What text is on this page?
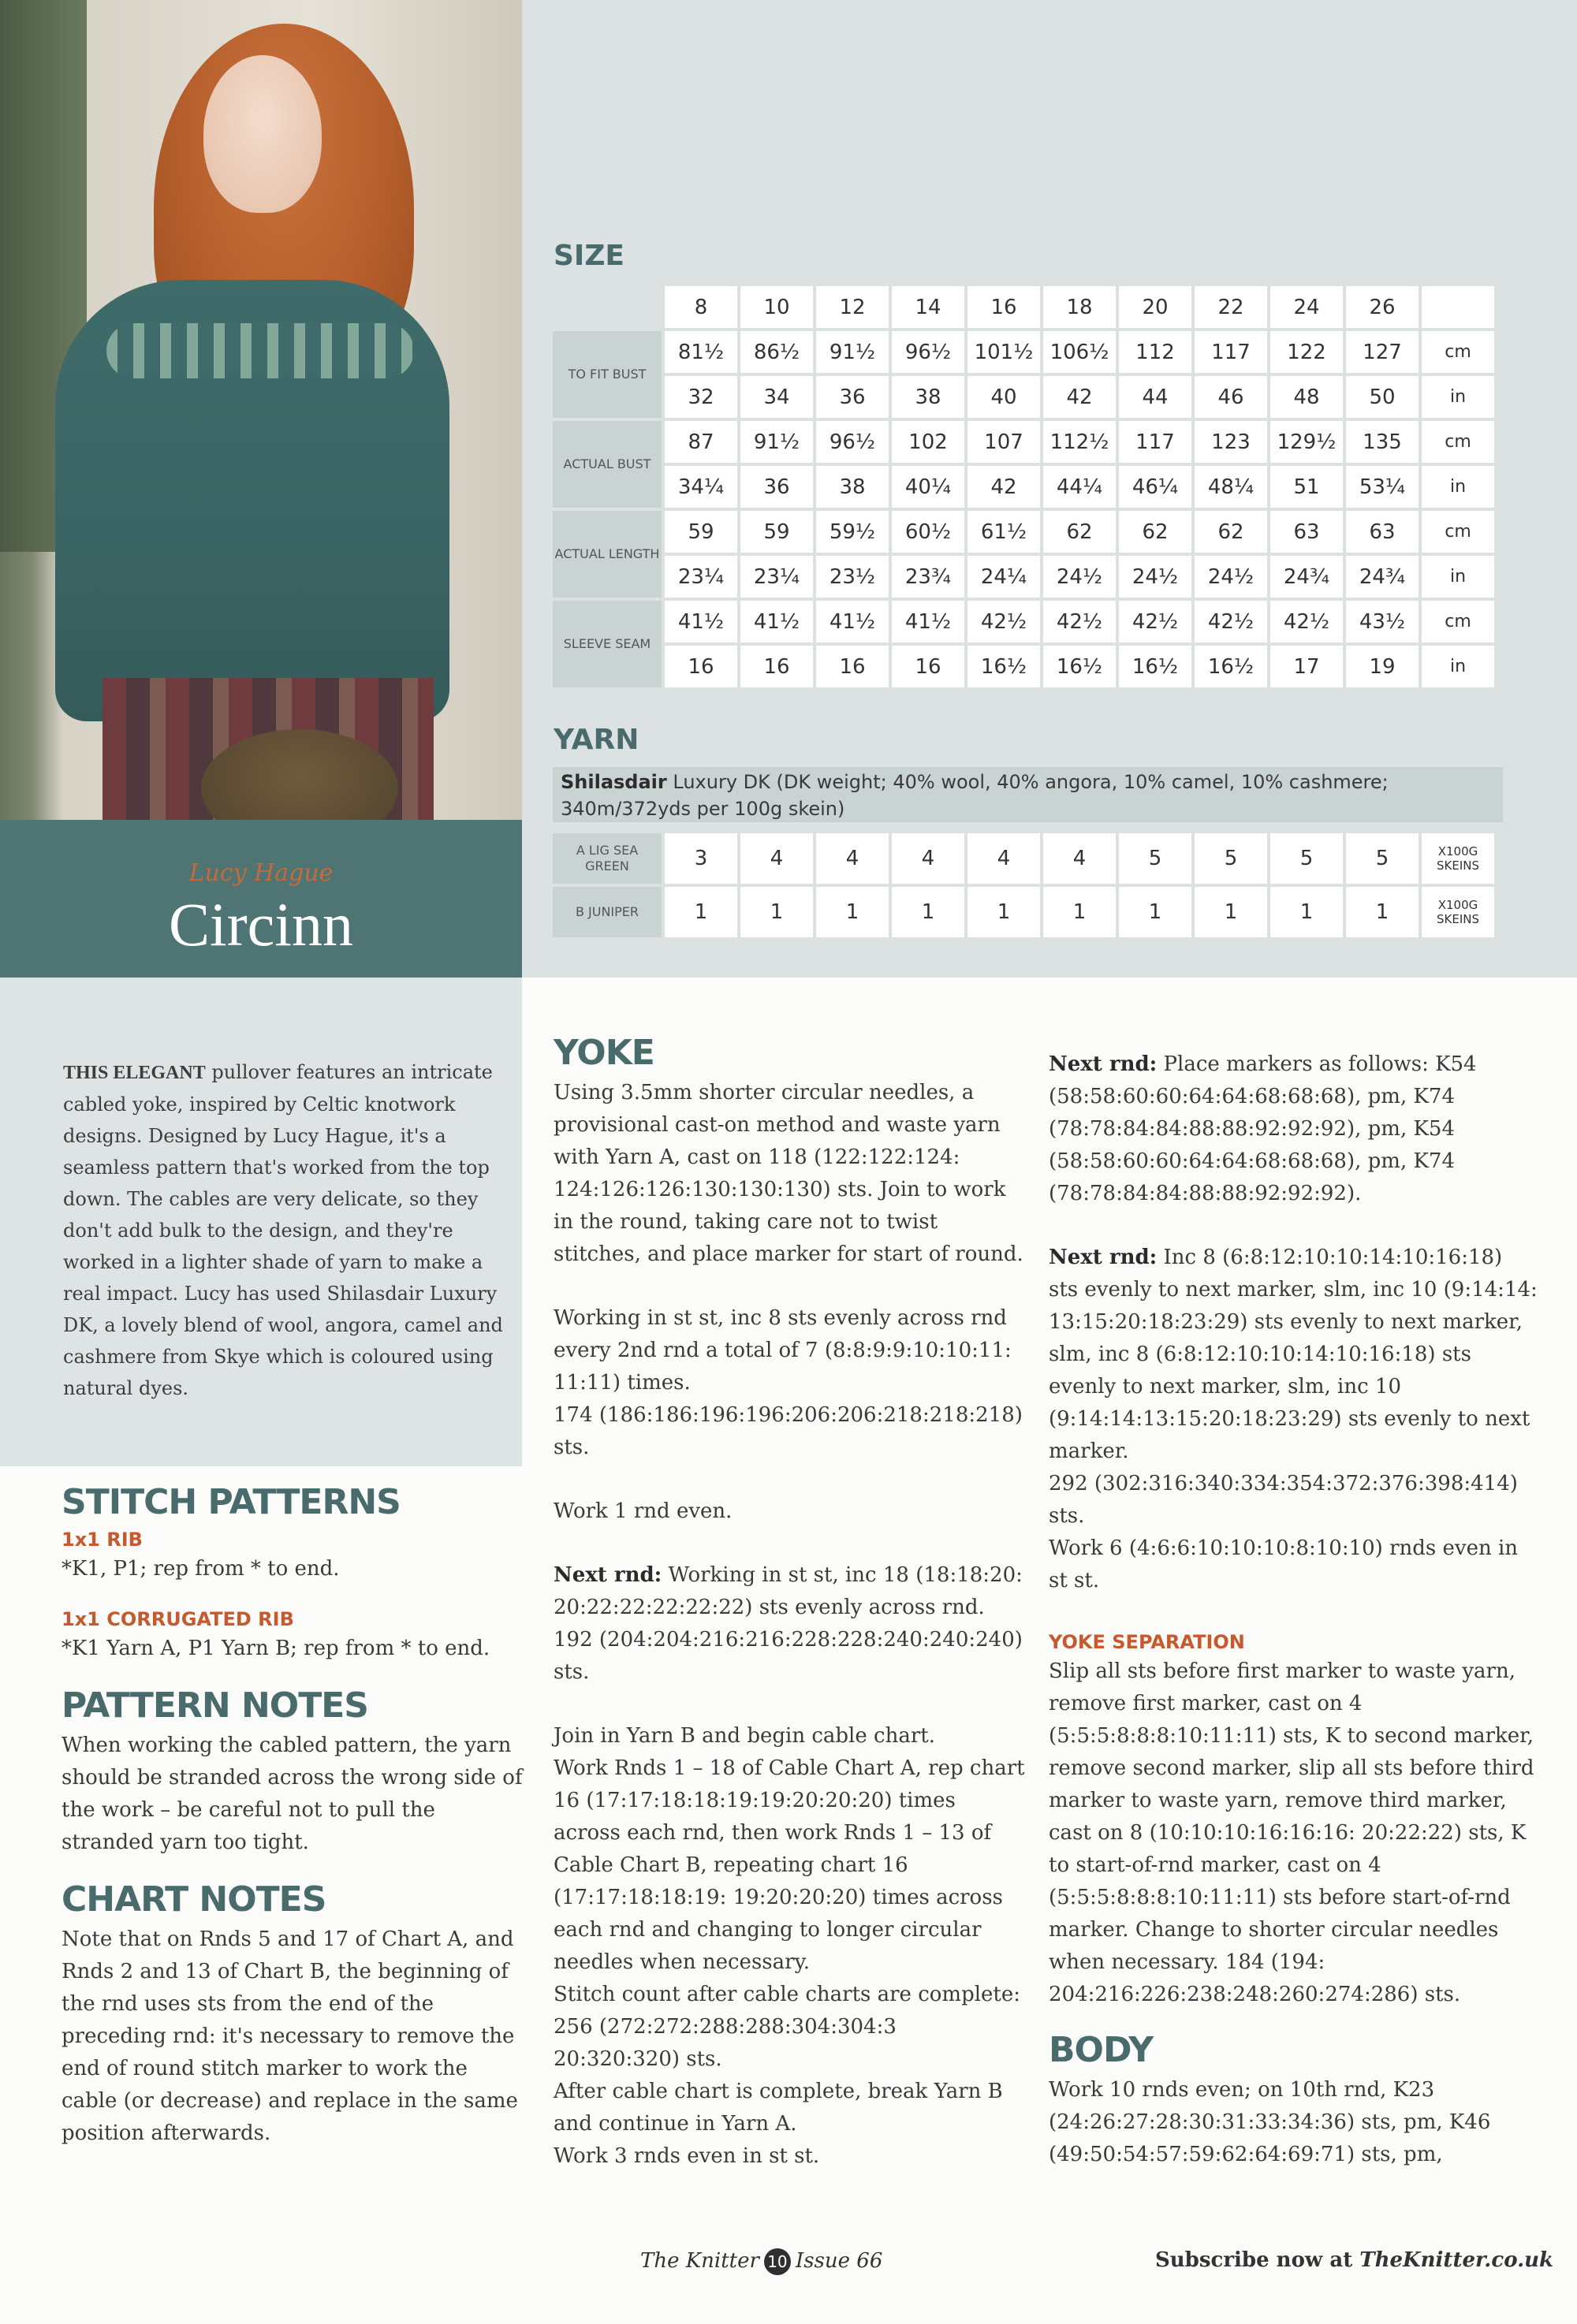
Lucy Hague
Circinn
THIS ELEGANT pullover features an intricate cabled yoke, inspired by Celtic knotwork designs. Designed by Lucy Hague, it's a seamless pattern that's worked from the top down. The cables are very delicate, so they don't add bulk to the design, and they're worked in a lighter shade of yarn to make a real impact. Lucy has used Shilasdair Luxury DK, a lovely blend of wool, angora, camel and cashmere from Skye which is coloured using natural dyes.
SIZE
	8	10	12	14	16	18	20	22	24	26	
TO FIT BUST	81½	86½	91½	96½	101½	106½	112	117	122	127	cm
	32	34	36	38	40	42	44	46	48	50	in
ACTUAL BUST	87	91½	96½	102	107	112½	117	123	129½	135	cm
	34¼	36	38	40¼	42	44¼	46¼	48¼	51	53¼	in
ACTUAL LENGTH	59	59	59½	60½	61½	62	62	62	63	63	cm
	23¼	23¼	23½	23¾	24¼	24½	24½	24½	24¾	24¾	in
SLEEVE SEAM	41½	41½	41½	41½	42½	42½	42½	42½	42½	43½	cm
	16	16	16	16	16½	16½	16½	16½	17	19	in
YARN
Shilasdair Luxury DK (DK weight; 40% wool, 40% angora, 10% camel, 10% cashmere; 340m/372yds per 100g skein)
A LIG SEA GREEN	3	4	4	4	4	4	5	5	5	5	X100G SKEINS
B JUNIPER	1	1	1	1	1	1	1	1	1	1	X100G SKEINS
STITCH PATTERNS
1x1 RIB
*K1, P1; rep from * to end.
1x1 CORRUGATED RIB
*K1 Yarn A, P1 Yarn B; rep from * to end.
PATTERN NOTES
When working the cabled pattern, the yarn should be stranded across the wrong side of the work – be careful not to pull the stranded yarn too tight.
CHART NOTES
Note that on Rnds 5 and 17 of Chart A, and Rnds 2 and 13 of Chart B, the beginning of the rnd uses sts from the end of the preceding rnd: it's necessary to remove the end of round stitch marker to work the cable (or decrease) and replace in the same position afterwards.
YOKE

Using 3.5mm shorter circular needles, a provisional cast-on method and waste yarn with Yarn A, cast on 118 (122:122:124: 124:126:126:130:130:130) sts. Join to work in the round, taking care not to twist stitches, and place marker for start of round.

Working in st st, inc 8 sts evenly across rnd every 2nd rnd a total of 7 (8:8:9:9:10:10:11: 11:11) times.

174 (186:186:196:196:206:206:218:218:218) sts.

Work 1 rnd even.

Next rnd: Working in st st, inc 18 (18:18:20: 20:22:22:22:22:22) sts evenly across rnd.

192 (204:204:216:216:228:228:240:240:240) sts.

Join in Yarn B and begin cable chart.
Work Rnds 1 – 18 of Cable Chart A, rep chart 16 (17:17:18:18:19:19:20:20:20) times across each rnd, then work Rnds 1 – 13 of Cable Chart B, repeating chart 16 (17:17:18:18:19: 19:20:20:20) times across each rnd and changing to longer circular needles when necessary.
Stitch count after cable charts are complete: 256 (272:272:288:288:304:304:3 20:320:320) sts.
After cable chart is complete, break Yarn B and continue in Yarn A.
Work 3 rnds even in st st.

Next rnd: Place markers as follows: K54 (58:58:60:60:64:64:68:68:68), pm, K74 (78:78:84:84:88:88:92:92:92), pm, K54 (58:58:60:60:64:64:68:68:68), pm, K74 (78:78:84:84:88:88:92:92:92).

Next rnd: Inc 8 (6:8:12:10:10:14:10:16:18) sts evenly to next marker, slm, inc 10 (9:14:14: 13:15:20:18:23:29) sts evenly to next marker, slm, inc 8 (6:8:12:10:10:14:10:16:18) sts evenly to next marker, slm, inc 10 (9:14:14:13:15:20:18:23:29) sts evenly to next marker.
292 (302:316:340:334:354:372:376:398:414) sts.

Work 6 (4:6:6:10:10:10:8:10:10) rnds even in st st.

YOKE SEPARATION

Slip all sts before first marker to waste yarn, remove first marker, cast on 4 (5:5:5:8:8:8:10:11:11) sts, K to second marker, remove second marker, slip all sts before third marker to waste yarn, remove third marker, cast on 8 (10:10:10:16:16:16: 20:22:22) sts, K to start-of-rnd marker, cast on 4 (5:5:5:8:8:8:10:11:11) sts before start-of-rnd marker. Change to shorter circular needles when necessary. 184 (194: 204:216:226:238:248:260:274:286) sts.

BODY
Work 10 rnds even; on 10th rnd, K23 (24:26:27:28:30:31:33:34:36) sts, pm, K46 (49:50:54:57:59:62:64:69:71) sts, pm,
The Knitter 10 Issue 66	Subscribe now at TheKnitter.co.uk
